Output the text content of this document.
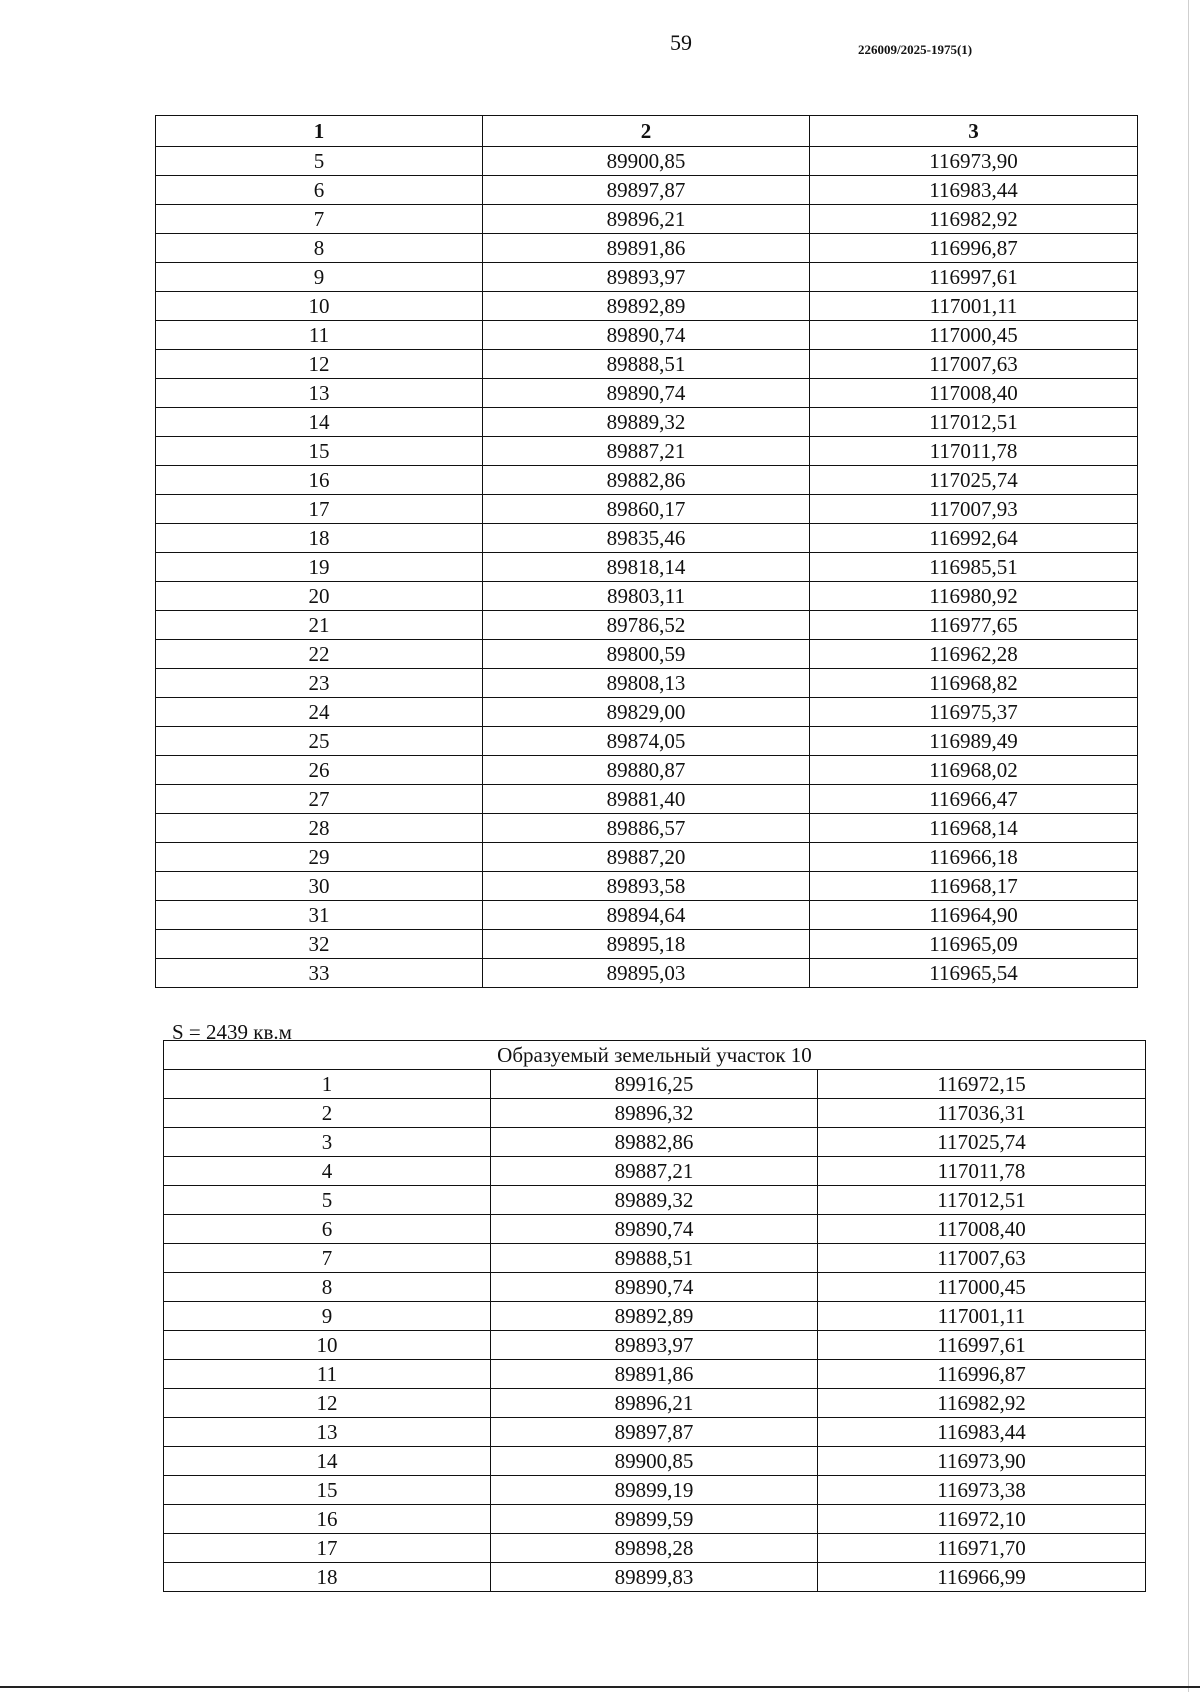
59	226009/2025-1975(1)
1	2	3
5	89900,85	116973,90
6	89897,87	116983,44
7	89896,21	116982,92
8	89891,86	116996,87
9	89893,97	116997,61
10	89892,89	117001,11
11	89890,74	117000,45
12	89888,51	117007,63
13	89890,74	117008,40
14	89889,32	117012,51
15	89887,21	117011,78
16	89882,86	117025,74
17	89860,17	117007,93
18	89835,46	116992,64
19	89818,14	116985,51
20	89803,11	116980,92
21	89786,52	116977,65
22	89800,59	116962,28
23	89808,13	116968,82
24	89829,00	116975,37
25	89874,05	116989,49
26	89880,87	116968,02
27	89881,40	116966,47
28	89886,57	116968,14
29	89887,20	116966,18
30	89893,58	116968,17
31	89894,64	116964,90
32	89895,18	116965,09
33	89895,03	116965,54
S = 2439 кв.м
Образуемый земельный участок 10		
1	89916,25	116972,15
2	89896,32	117036,31
3	89882,86	117025,74
4	89887,21	117011,78
5	89889,32	117012,51
6	89890,74	117008,40
7	89888,51	117007,63
8	89890,74	117000,45
9	89892,89	117001,11
10	89893,97	116997,61
11	89891,86	116996,87
12	89896,21	116982,92
13	89897,87	116983,44
14	89900,85	116973,90
15	89899,19	116973,38
16	89899,59	116972,10
17	89898,28	116971,70
18	89899,83	116966,99
